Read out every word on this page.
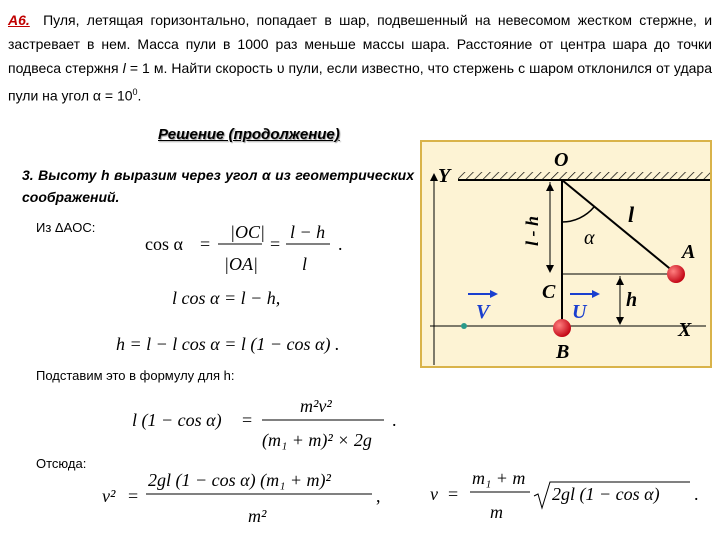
А6. Пуля, летящая горизонтально, попадает в шар, подвешенный на невесомом жестком стержне, и застревает в нем. Масса пули в 1000 раз меньше массы шара. Расстояние от центра шара до точки подвеса стержня l = 1 м. Найти скорость υ пули, если известно, что стержень с шаром отклонился от удара пули на угол $\alpha = 10^0$.
Решение (продолжение)
3. Высоту h выразим через угол α из геометрических соображений.
Из ΔAOC:
Подставим это в формулу для h:
Отсюда:
cos α =
|OC|
|OA|
=
l − h
l
.
l cos α = l − h,
h = l − l cos α = l (1 − cos α) .
l (1 − cos α) =
m²v²
(m₁ + m)² × 2g
.
v² =
2gl (1 − cos α) (m₁ + m)²
m²
,	v =
m₁ + m
m
2gl (1 − cos α) .
Y
X
O
α
l - h
l
h
C
A
B
V	U
